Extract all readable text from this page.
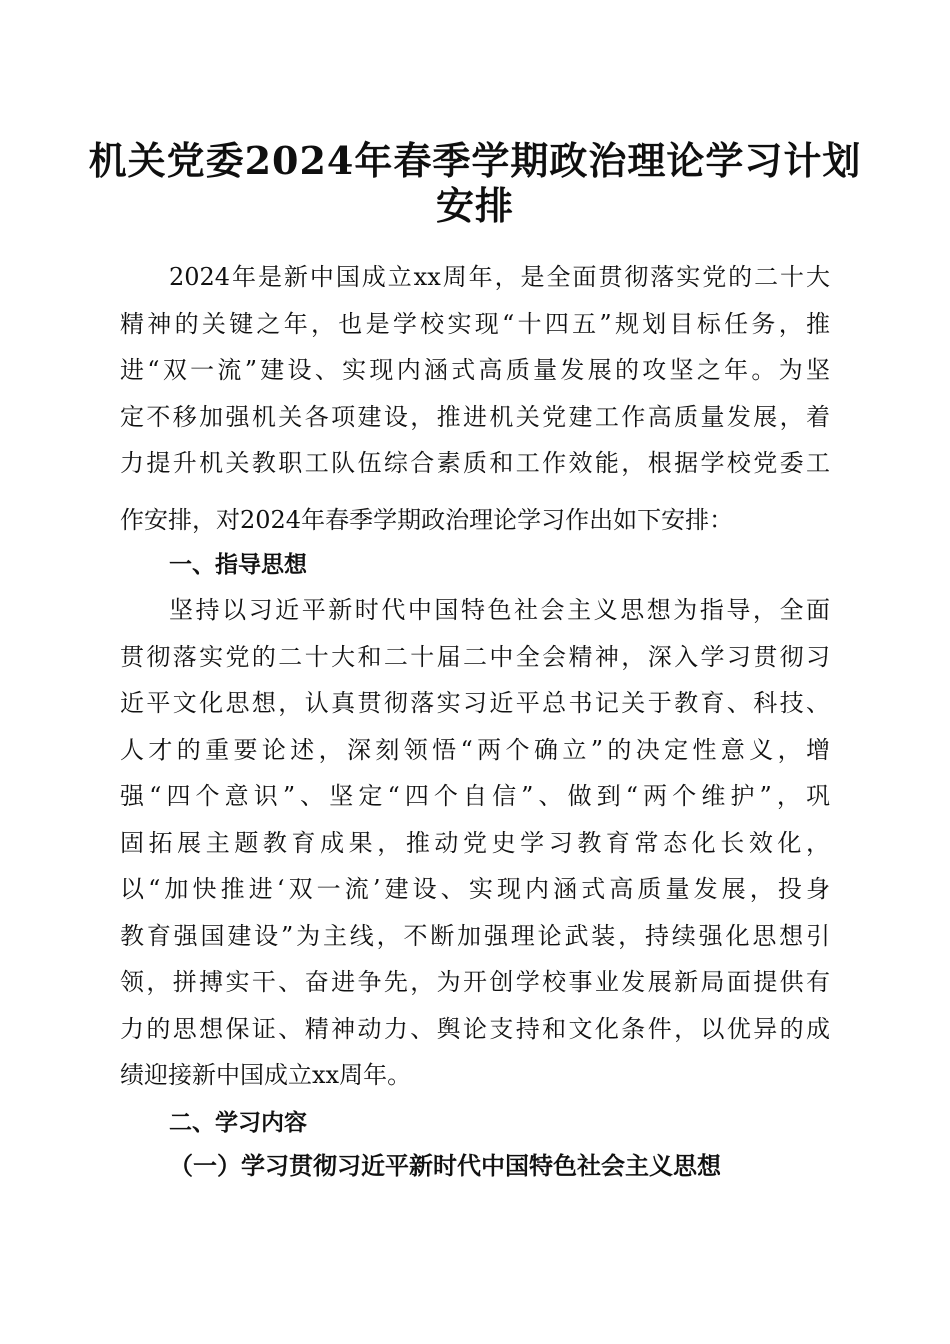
机关党委2024年春季学期政治理论学习计划
安排
2024年是新中国成立xx周年，是全面贯彻落实党的二十大
精神的关键之年，也是学校实现“十四五”规划目标任务，推
进“双一流”建设、实现内涵式高质量发展的攻坚之年。为坚
定不移加强机关各项建设，推进机关党建工作高质量发展，着
力提升机关教职工队伍综合素质和工作效能，根据学校党委工
作安排，对2024年春季学期政治理论学习作出如下安排：
一、指导思想
坚持以习近平新时代中国特色社会主义思想为指导，全面
贯彻落实党的二十大和二十届二中全会精神，深入学习贯彻习
近平文化思想，认真贯彻落实习近平总书记关于教育、科技、
人才的重要论述，深刻领悟“两个确立”的决定性意义，增
强“四个意识”、坚定“四个自信”、做到“两个维护”，巩
固拓展主题教育成果，推动党史学习教育常态化长效化，
以“加快推进‘双一流’建设、实现内涵式高质量发展，投身
教育强国建设”为主线，不断加强理论武装，持续强化思想引
领，拼搏实干、奋进争先，为开创学校事业发展新局面提供有
力的思想保证、精神动力、舆论支持和文化条件，以优异的成
绩迎接新中国成立xx周年。
二、学习内容
（一）学习贯彻习近平新时代中国特色社会主义思想
